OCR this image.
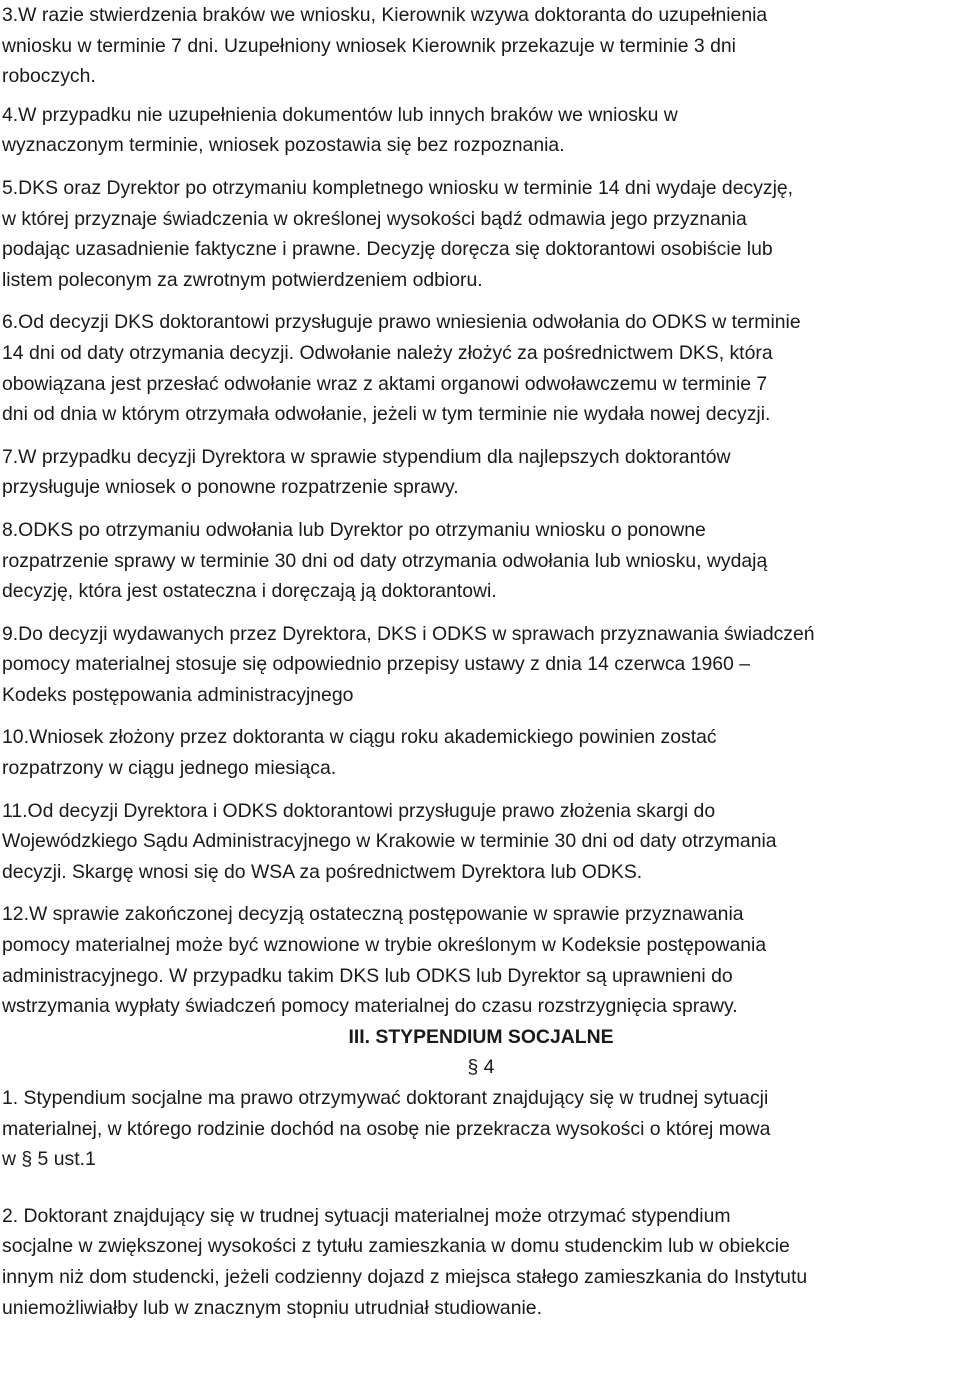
3.W razie stwierdzenia braków we wniosku, Kierownik wzywa doktoranta do uzupełnienia
wniosku w terminie 7 dni. Uzupełniony wniosek Kierownik przekazuje w terminie 3 dni
roboczych.

4.W przypadku nie uzupełnienia dokumentów lub innych braków we wniosku w
wyznaczonym terminie, wniosek pozostawia się bez rozpoznania.

5.DKS oraz Dyrektor po otrzymaniu kompletnego wniosku w terminie 14 dni wydaje decyzję,
w której przyznaje świadczenia w określonej wysokości bądź odmawia jego przyznania
podając uzasadnienie faktyczne i prawne. Decyzję doręcza się doktorantowi osobiście lub
listem poleconym za zwrotnym potwierdzeniem odbioru.

6.Od decyzji DKS doktorantowi przysługuje prawo wniesienia odwołania do ODKS w terminie
14 dni od daty otrzymania decyzji. Odwołanie należy złożyć za pośrednictwem DKS, która
obowiązana jest przesłać odwołanie wraz z aktami organowi odwoławczemu w terminie 7
dni od dnia w którym otrzymała odwołanie, jeżeli w tym terminie nie wydała nowej decyzji.

7.W przypadku decyzji Dyrektora w sprawie stypendium dla najlepszych doktorantów
przysługuje wniosek o ponowne rozpatrzenie sprawy.

8.ODKS po otrzymaniu odwołania lub Dyrektor po otrzymaniu wniosku o ponowne
rozpatrzenie sprawy w terminie 30 dni od daty otrzymania odwołania lub wniosku, wydają
decyzję, która jest ostateczna i doręczają ją doktorantowi.

9.Do decyzji wydawanych przez Dyrektora, DKS i ODKS w sprawach przyznawania świadczeń
pomocy materialnej stosuje się odpowiednio przepisy ustawy z dnia 14 czerwca 1960 –
Kodeks postępowania administracyjnego

10.Wniosek złożony przez doktoranta w ciągu roku akademickiego powinien zostać
rozpatrzony w ciągu jednego miesiąca.

11.Od decyzji Dyrektora i ODKS doktorantowi przysługuje prawo złożenia skargi do
Wojewódzkiego Sądu Administracyjnego w Krakowie w terminie 30 dni od daty otrzymania
decyzji. Skargę wnosi się do WSA za pośrednictwem Dyrektora lub ODKS.

12.W sprawie zakończonej decyzją ostateczną postępowanie w sprawie przyznawania
pomocy materialnej może być wznowione w trybie określonym w Kodeksie postępowania
administracyjnego. W przypadku takim DKS lub ODKS lub Dyrektor są uprawnieni do
wstrzymania wypłaty świadczeń pomocy materialnej do czasu rozstrzygnięcia sprawy.

III. STYPENDIUM SOCJALNE

§ 4

1. Stypendium socjalne ma prawo otrzymywać doktorant znajdujący się w trudnej sytuacji
materialnej, w którego rodzinie dochód na osobę nie przekracza wysokości o której mowa
w § 5 ust.1

2. Doktorant znajdujący się w trudnej sytuacji materialnej może otrzymać stypendium
socjalne w zwiększonej wysokości z tytułu zamieszkania w domu studenckim lub w obiekcie
innym niż dom studencki, jeżeli codzienny dojazd z miejsca stałego zamieszkania do Instytutu
uniemożliwiałby lub w znacznym stopniu utrudniał studiowanie.
